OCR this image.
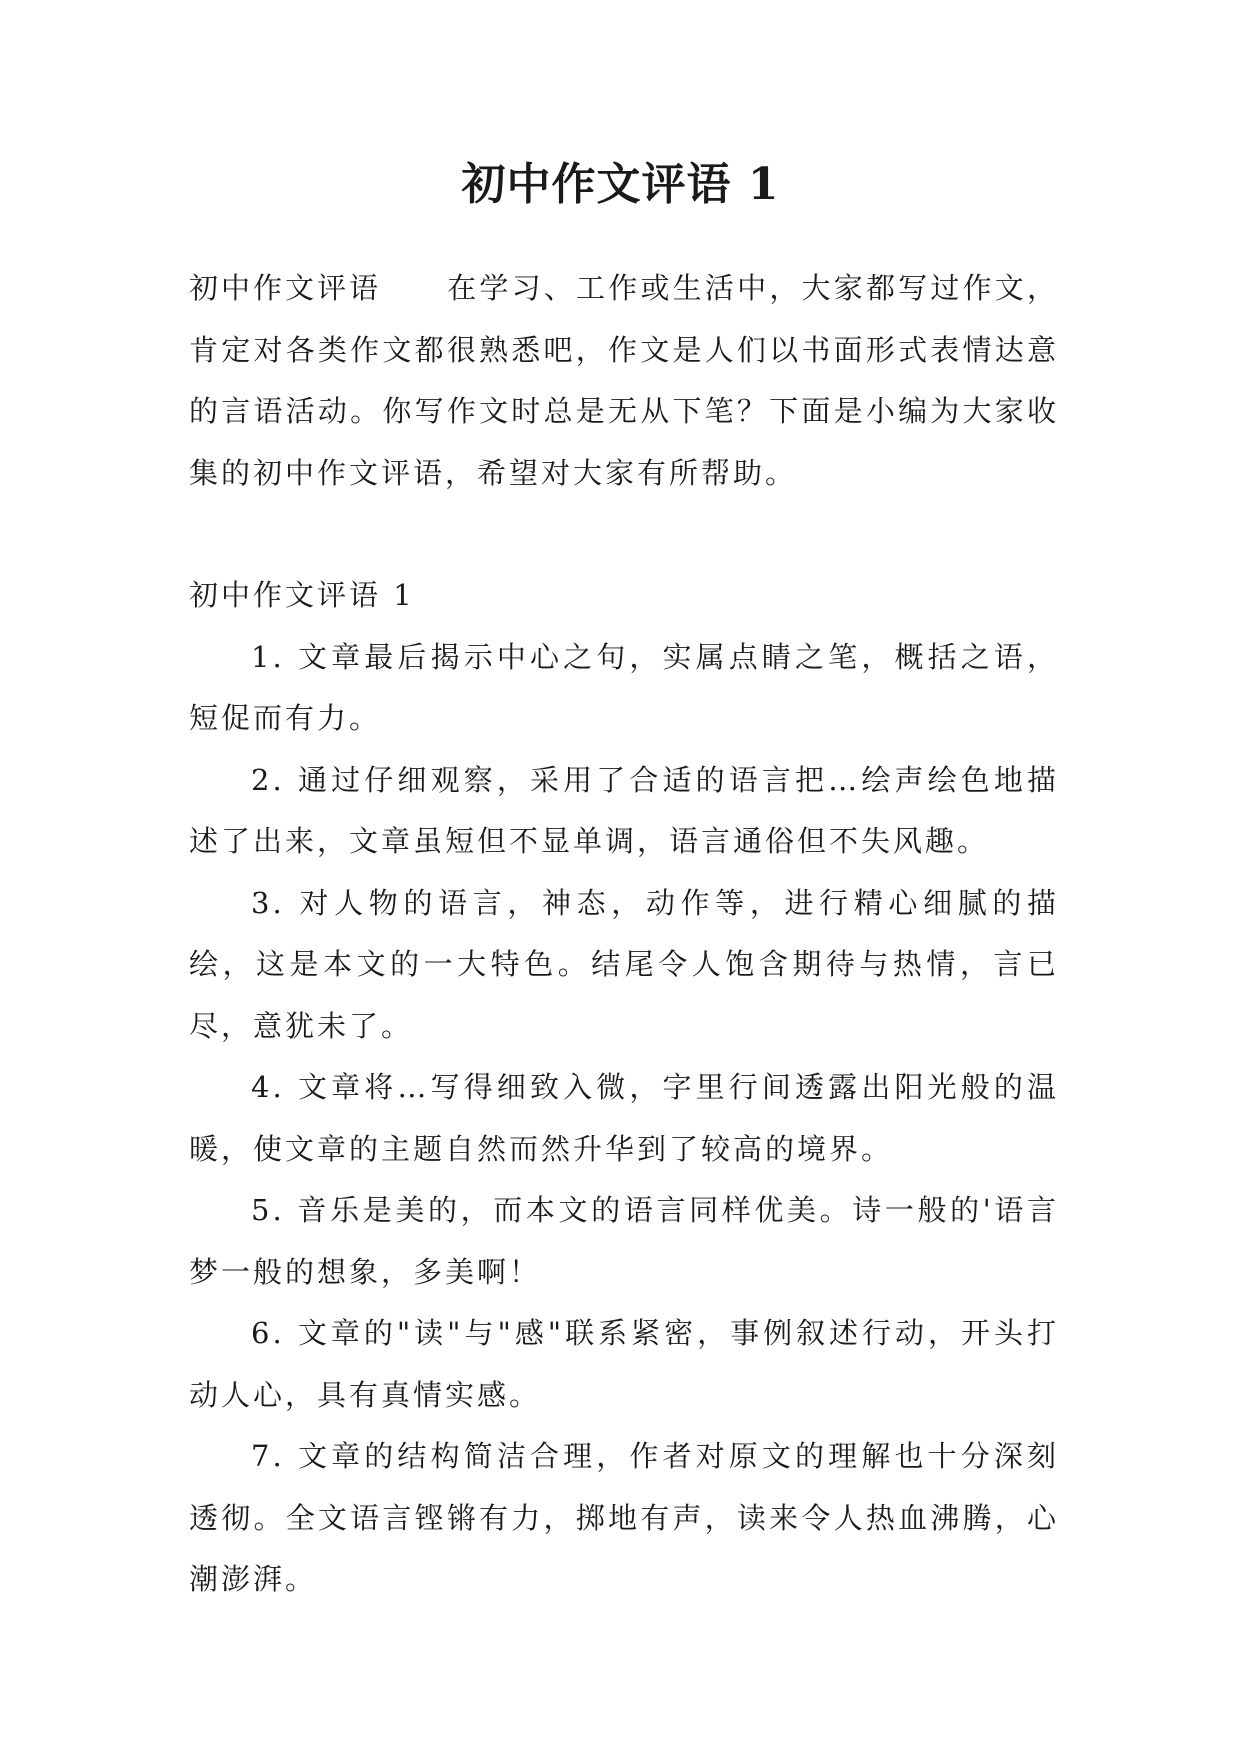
初中作文评语 1

初中作文评语 在学习、工作或生活中，大家都写过作文，肯定对各类作文都很熟悉吧，作文是人们以书面形式表情达意的言语活动。你写作文时总是无从下笔？下面是小编为大家收集的初中作文评语，希望对大家有所帮助。

初中作文评语 1

1. 文章最后揭示中心之句，实属点睛之笔，概括之语，短促而有力。

2. 通过仔细观察，采用了合适的语言把…绘声绘色地描述了出来，文章虽短但不显单调，语言通俗但不失风趣。

3. 对人物的语言，神态，动作等，进行精心细腻的描绘，这是本文的一大特色。结尾令人饱含期待与热情，言已尽，意犹未了。

4. 文章将…写得细致入微，字里行间透露出阳光般的温暖，使文章的主题自然而然升华到了较高的境界。

5. 音乐是美的，而本文的语言同样优美。诗一般的'语言梦一般的想象，多美啊！

6. 文章的"读"与"感"联系紧密，事例叙述行动，开头打动人心，具有真情实感。

7. 文章的结构简洁合理，作者对原文的理解也十分深刻透彻。全文语言铿锵有力，掷地有声，读来令人热血沸腾，心潮澎湃。
